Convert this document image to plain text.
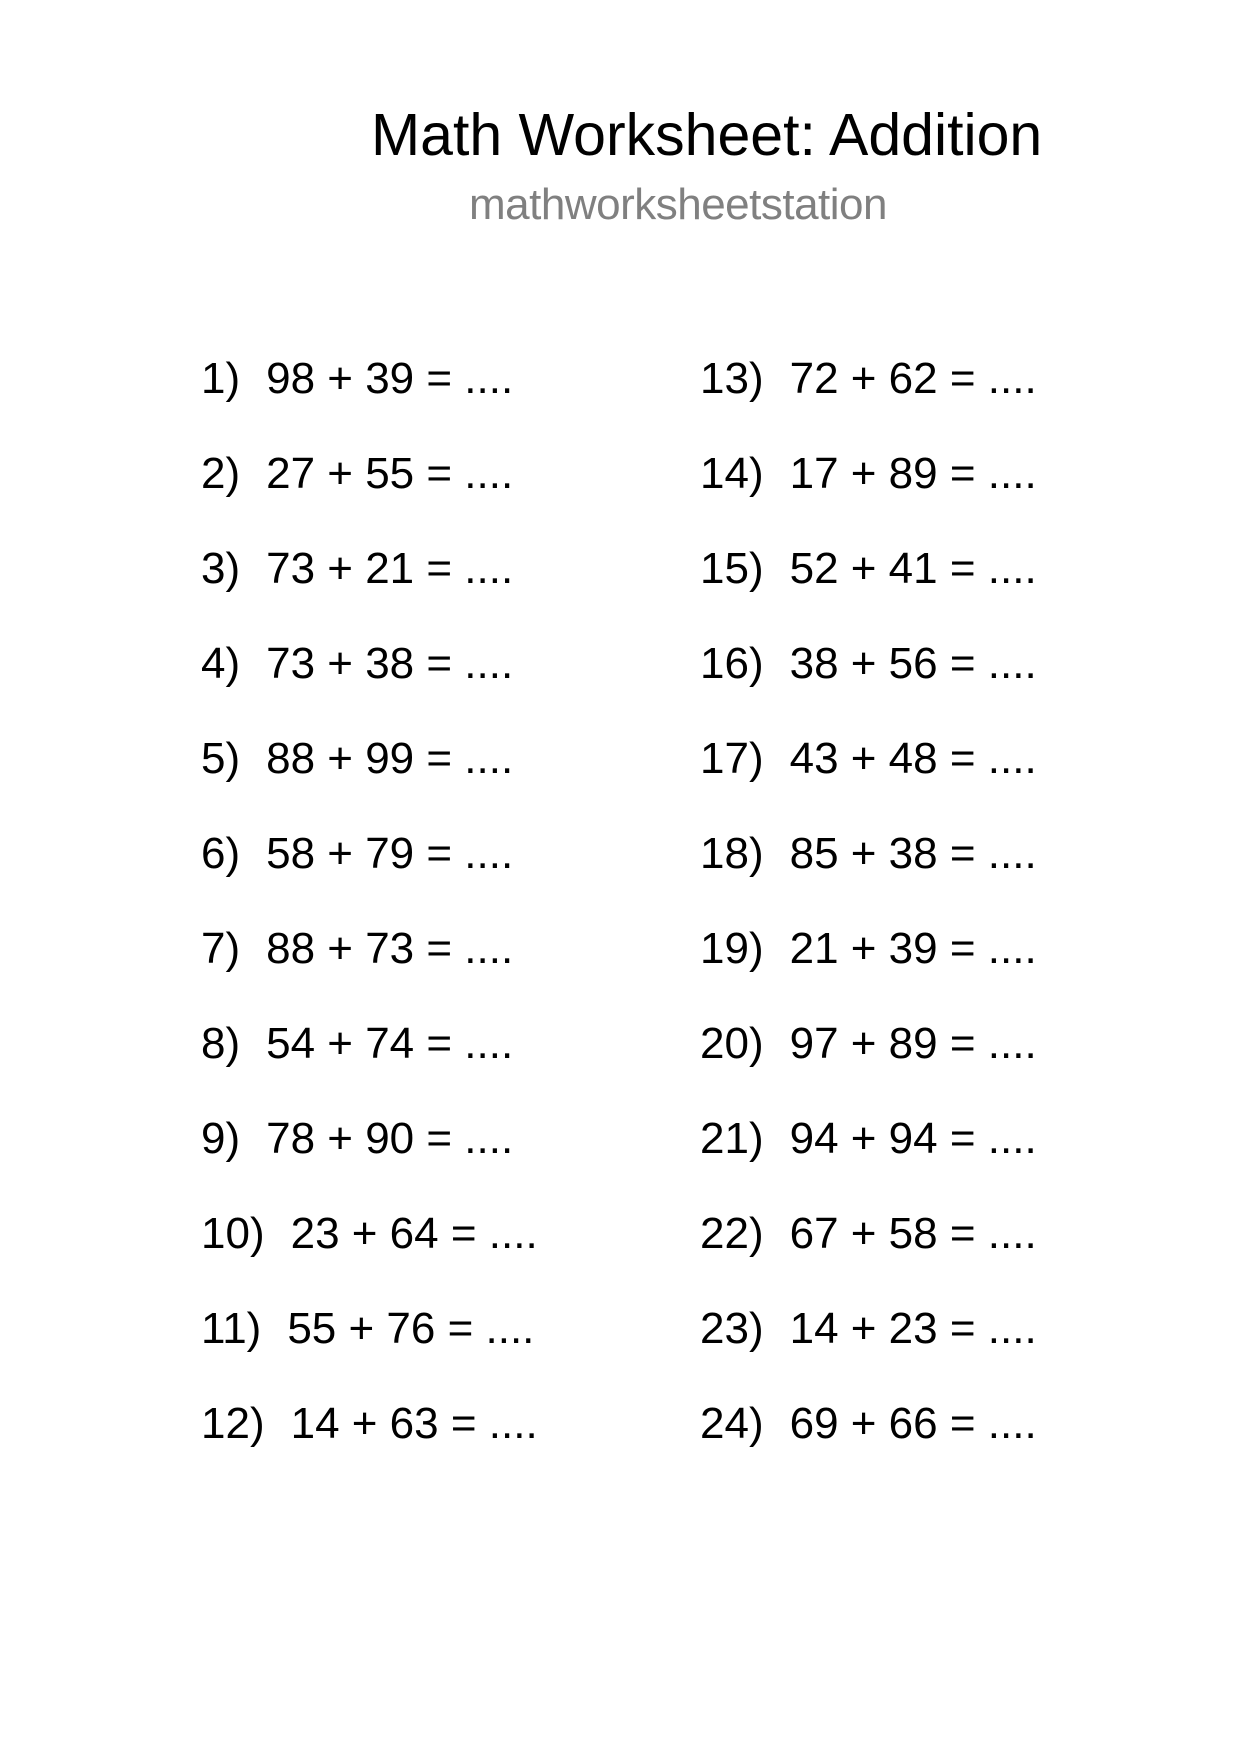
Math Worksheet: Addition
mathworksheetstation
1) 98 + 39 = ....
2) 27 + 55 = ....
3) 73 + 21 = ....
4) 73 + 38 = ....
5) 88 + 99 = ....
6) 58 + 79 = ....
7) 88 + 73 = ....
8) 54 + 74 = ....
9) 78 + 90 = ....
10) 23 + 64 = ....
11) 55 + 76 = ....
12) 14 + 63 = ....
13) 72 + 62 = ....
14) 17 + 89 = ....
15) 52 + 41 = ....
16) 38 + 56 = ....
17) 43 + 48 = ....
18) 85 + 38 = ....
19) 21 + 39 = ....
20) 97 + 89 = ....
21) 94 + 94 = ....
22) 67 + 58 = ....
23) 14 + 23 = ....
24) 69 + 66 = ....
